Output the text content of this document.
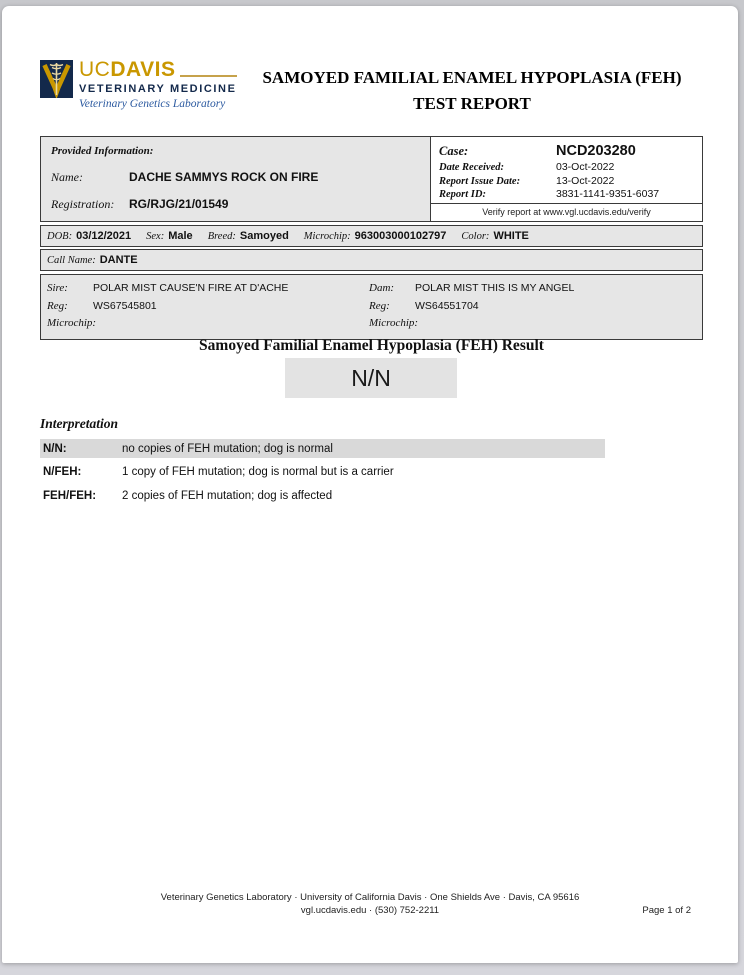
UC DAVIS
VETERINARY MEDICINE
Veterinary Genetics Laboratory
SAMOYED FAMILIAL ENAMEL HYPOPLASIA (FEH)
TEST REPORT
Provided Information:
Name:	DACHE SAMMYS ROCK ON FIRE
Registration:	RG/RJG/21/01549
Case:	NCD203280
Date Received:	03-Oct-2022
Report Issue Date:	13-Oct-2022
Report ID:	3831-1141-9351-6037
Verify report at www.vgl.ucdavis.edu/verify
DOB: 03/12/2021 Sex: Male Breed: Samoyed Microchip: 963003000102797 Color: WHITE
Call Name: DANTE
Sire:	POLAR MIST CAUSE'N FIRE AT D'ACHE
Reg:	WS67545801
Microchip:
Dam:	POLAR MIST THIS IS MY ANGEL
Reg:	WS64551704
Microchip:
Samoyed Familial Enamel Hypoplasia (FEH) Result
N/N
Interpretation
N/N:	no copies of FEH mutation; dog is normal
N/FEH:	1 copy of FEH mutation; dog is normal but is a carrier
FEH/FEH:	2 copies of FEH mutation; dog is affected
Veterinary Genetics Laboratory · University of California Davis · One Shields Ave · Davis, CA 95616
vgl.ucdavis.edu · (530) 752-2211	Page 1 of 2
